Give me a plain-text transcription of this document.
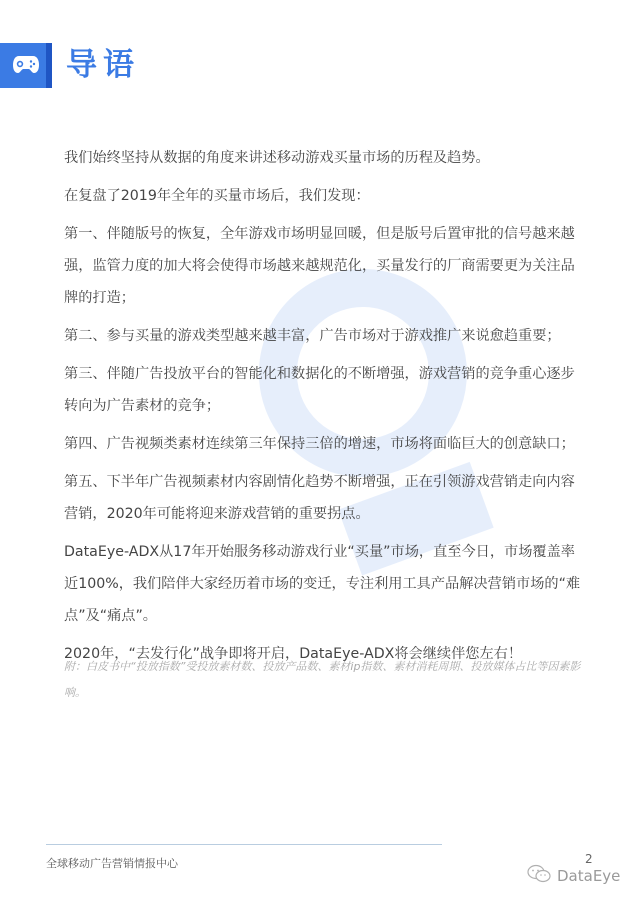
导语

我们始终坚持从数据的角度来讲述移动游戏买量市场的历程及趋势。

在复盘了2019年全年的买量市场后，我们发现：

第一、伴随版号的恢复，全年游戏市场明显回暖，但是版号后置审批的信号越来越强，监管力度的加大将会使得市场越来越规范化，买量发行的厂商需要更为关注品牌的打造；

第二、参与买量的游戏类型越来越丰富，广告市场对于游戏推广来说愈趋重要；

第三、伴随广告投放平台的智能化和数据化的不断增强，游戏营销的竞争重心逐步转向为广告素材的竞争；

第四、广告视频类素材连续第三年保持三倍的增速，市场将面临巨大的创意缺口；

第五、下半年广告视频素材内容剧情化趋势不断增强，正在引领游戏营销走向内容营销，2020年可能将迎来游戏营销的重要拐点。

DataEye-ADX从17年开始服务移动游戏行业“买量”市场，直至今日，市场覆盖率近100%，我们陪伴大家经历着市场的变迁，专注利用工具产品解决营销市场的“难点”及“痛点”。

2020年，“去发行化”战争即将开启，DataEye-ADX将会继续伴您左右！

附：白皮书中“投放指数”受投放素材数、投放产品数、素材ip指数、素材消耗周期、投放媒体占比等因素影响。
全球移动广告营销情报中心	2
DataEye
